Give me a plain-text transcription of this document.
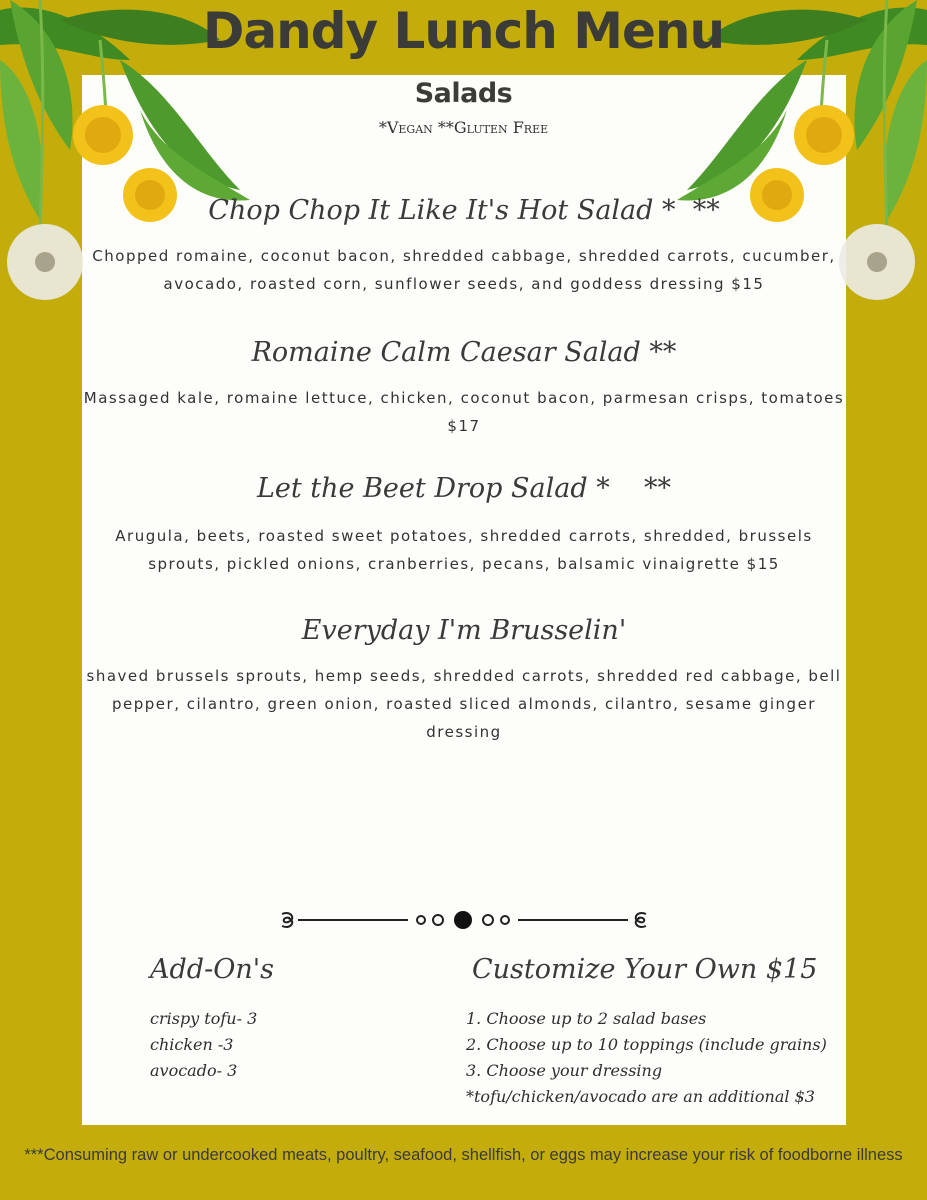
Dandy Lunch Menu
Salads
*Vegan **Gluten Free
Chop Chop It Like It's Hot Salad *  **
Chopped romaine, coconut bacon, shredded cabbage, shredded carrots, cucumber, avocado, roasted corn, sunflower seeds, and goddess dressing $15
Romaine Calm Caesar Salad **
Massaged kale, romaine lettuce, chicken, coconut bacon, parmesan crisps, tomatoes $17
Let the Beet Drop Salad *    **
Arugula, beets, roasted sweet potatoes, shredded carrots, shredded, brussels sprouts, pickled onions, cranberries, pecans, balsamic vinaigrette $15
Everyday I'm Brusselin'
shaved brussels sprouts, hemp seeds, shredded carrots, shredded red cabbage, bell pepper, cilantro, green onion, roasted sliced almonds, cilantro, sesame ginger dressing
Add-On's
crispy tofu- 3
chicken -3
avocado- 3
Customize Your Own $15
1. Choose up to 2 salad bases
2. Choose up to 10 toppings (include grains)
3. Choose your dressing
*tofu/chicken/avocado are an additional $3
***Consuming raw or undercooked meats, poultry, seafood, shellfish, or eggs may increase your risk of foodborne illness
